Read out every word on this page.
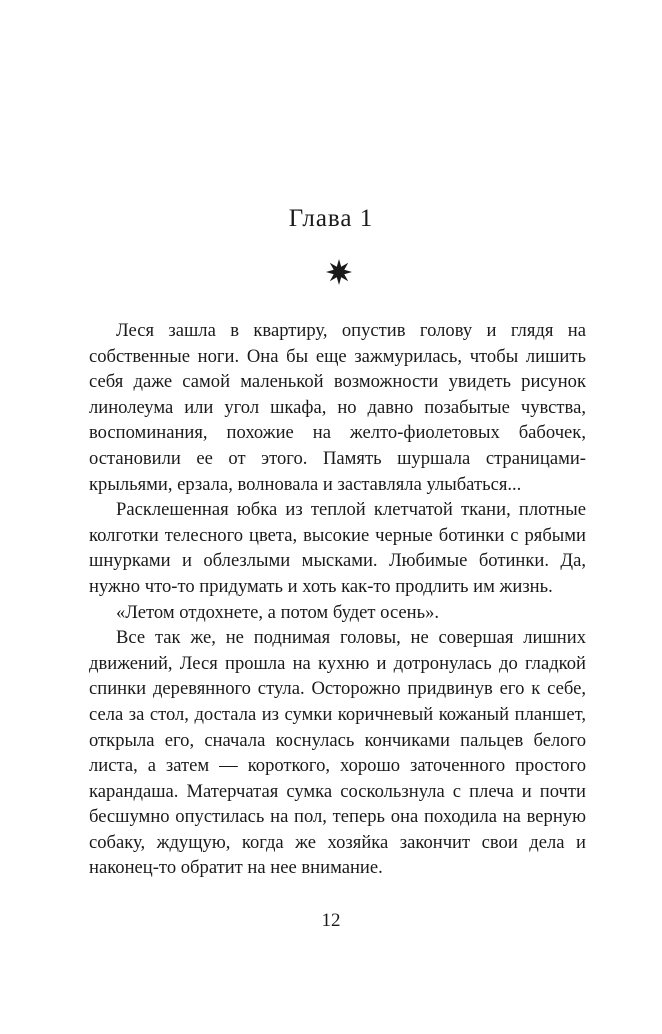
Глава 1

Леся зашла в квартиру, опустив голову и глядя на собственные ноги. Она бы еще зажмурилась, чтобы лишить себя даже самой маленькой возможности увидеть рисунок линолеума или угол шкафа, но давно позабытые чувства, воспоминания, похожие на желто-фиолетовых бабочек, остановили ее от этого. Память шуршала страницами-крыльями, ерзала, волновала и заставляла улыбаться...

Расклешенная юбка из теплой клетчатой ткани, плотные колготки телесного цвета, высокие черные ботинки с рябыми шнурками и облезлыми мысками. Любимые ботинки. Да, нужно что-то придумать и хоть как-то продлить им жизнь.

«Летом отдохнете, а потом будет осень».

Все так же, не поднимая головы, не совершая лишних движений, Леся прошла на кухню и дотронулась до гладкой спинки деревянного стула. Осторожно придвинув его к себе, села за стол, достала из сумки коричневый кожаный планшет, открыла его, сначала коснулась кончиками пальцев белого листа, а затем — короткого, хорошо заточенного простого карандаша. Матерчатая сумка соскользнула с плеча и почти бесшумно опустилась на пол, теперь она походила на верную собаку, ждущую, когда же хозяйка закончит свои дела и наконец-то обратит на нее внимание.

12
